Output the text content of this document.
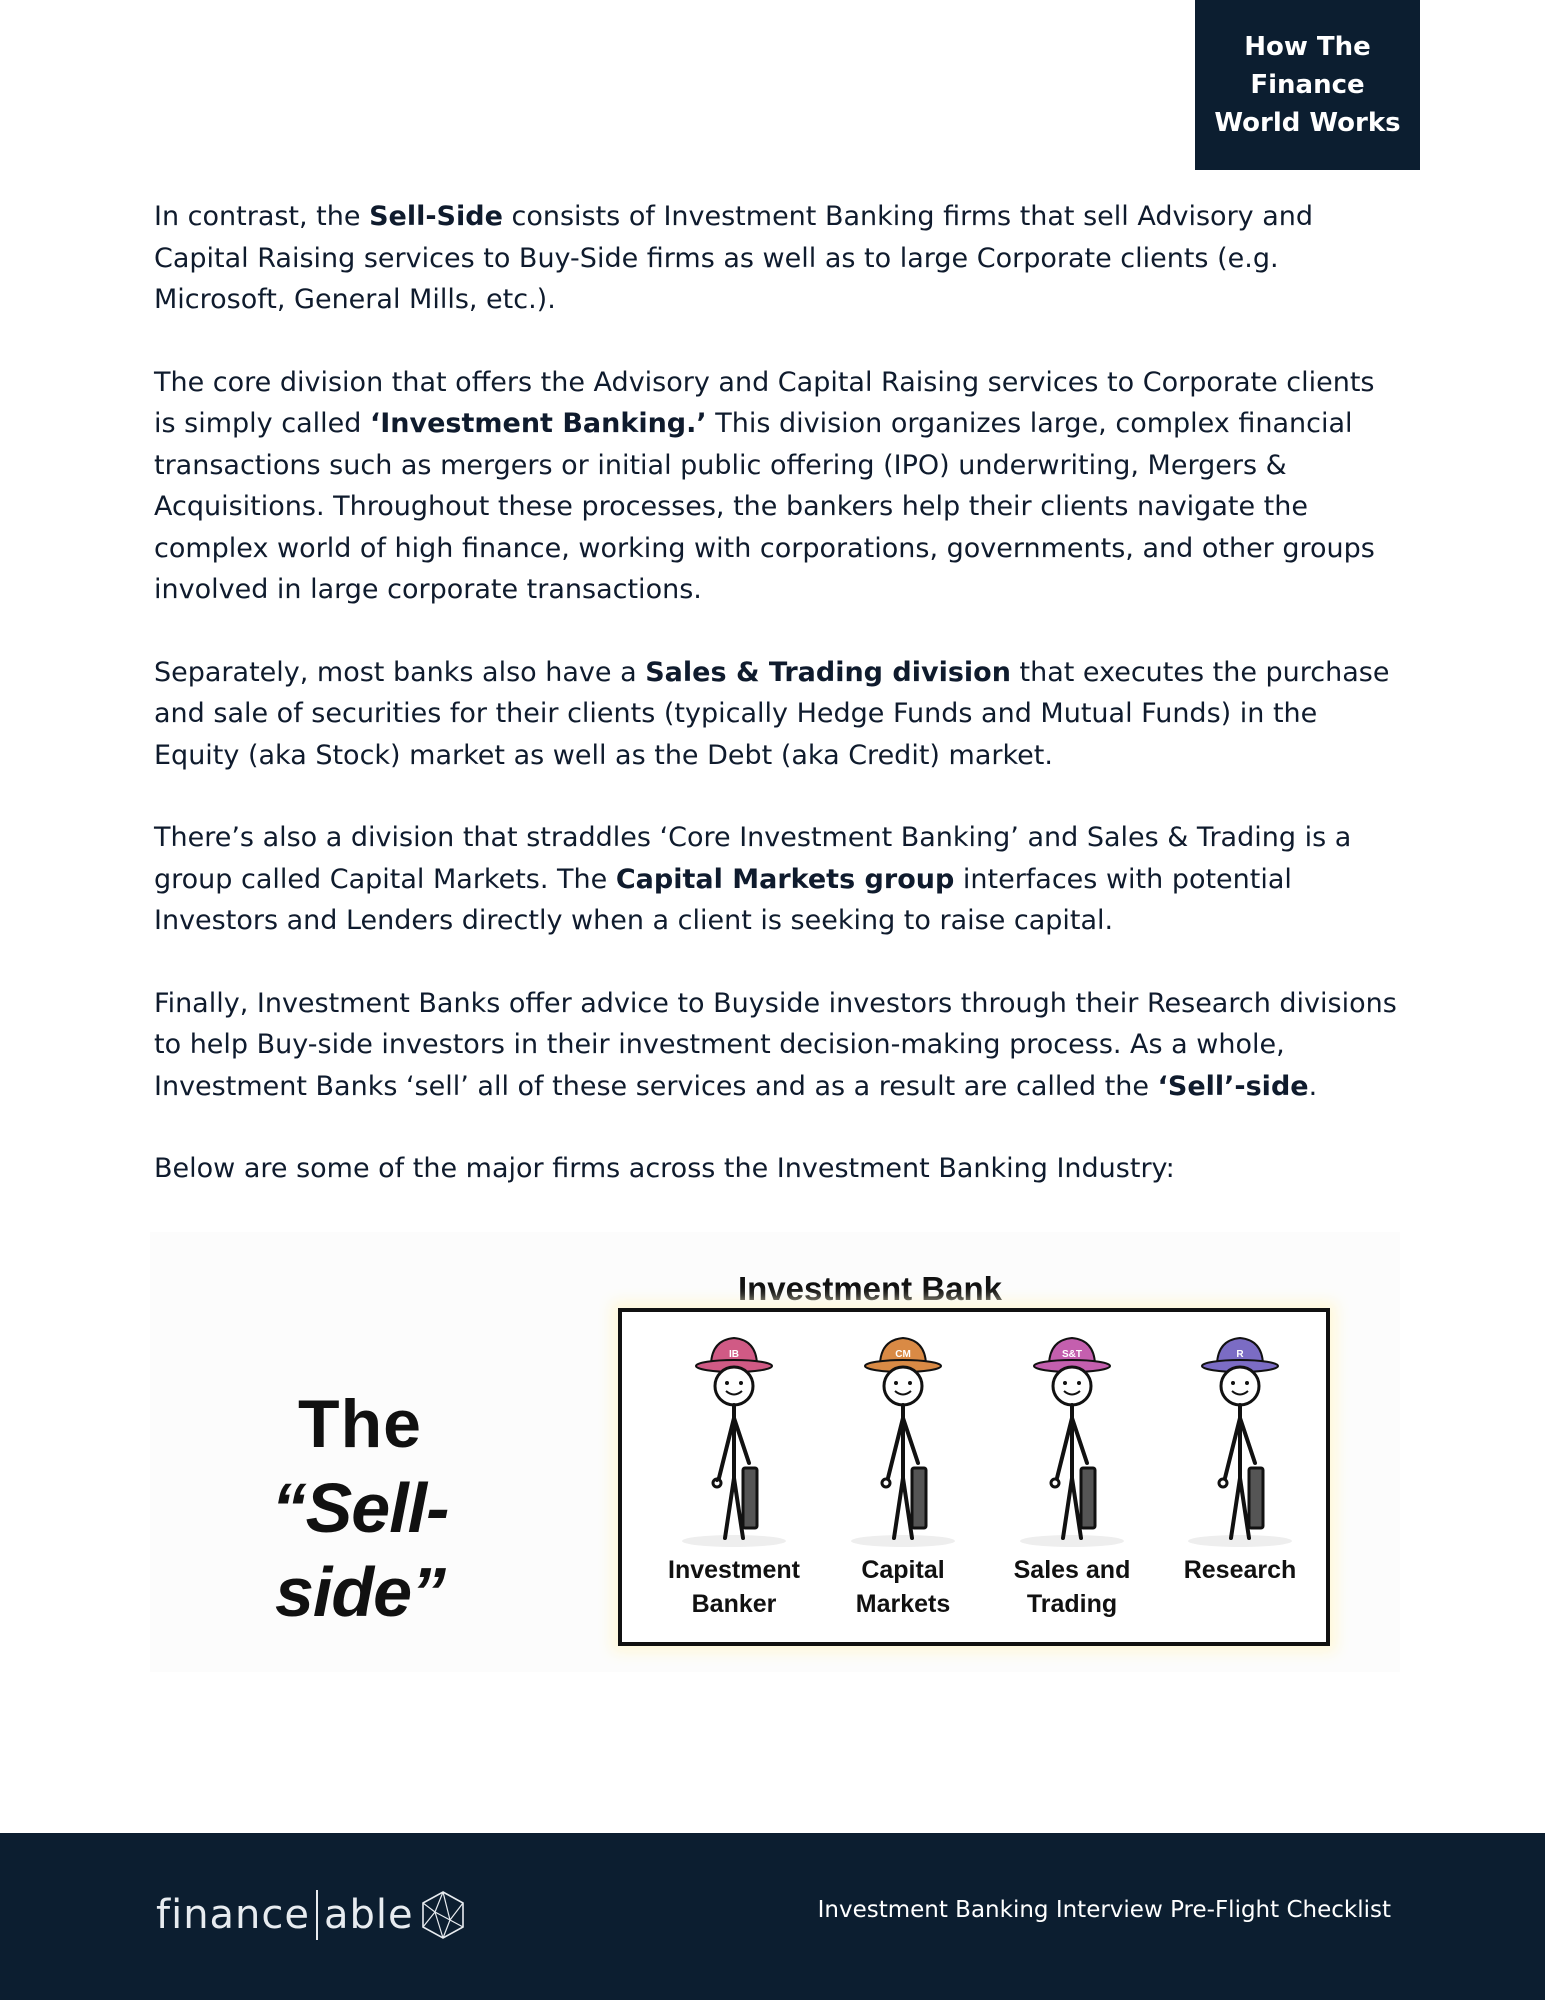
How The
Finance
World Works

In contrast, the Sell-Side consists of Investment Banking firms that sell Advisory and Capital Raising services to Buy-Side firms as well as to large Corporate clients (e.g. Microsoft, General Mills, etc.).

The core division that offers the Advisory and Capital Raising services to Corporate clients is simply called ‘Investment Banking.’ This division organizes large, complex financial transactions such as mergers or initial public offering (IPO) underwriting, Mergers & Acquisitions. Throughout these processes, the bankers help their clients navigate the complex world of high finance, working with corporations, governments, and other groups involved in large corporate transactions.

Separately, most banks also have a Sales & Trading division that executes the purchase and sale of securities for their clients (typically Hedge Funds and Mutual Funds) in the Equity (aka Stock) market as well as the Debt (aka Credit) market.

There’s also a division that straddles ‘Core Investment Banking’ and Sales & Trading is a group called Capital Markets. The Capital Markets group interfaces with potential Investors and Lenders directly when a client is seeking to raise capital.

Finally, Investment Banks offer advice to Buyside investors through their Research divisions to help Buy-side investors in their investment decision-making process. As a whole, Investment Banks ‘sell’ all of these services and as a result are called the ‘Sell’-side.

Below are some of the major firms across the Investment Banking Industry:

The
“Sell-side”
Investment Bank
IB
Investment
Banker
CM
Capital
Markets
S&T
Sales and
Trading
R
Research
finance able	Investment Banking Interview Pre-Flight Checklist
